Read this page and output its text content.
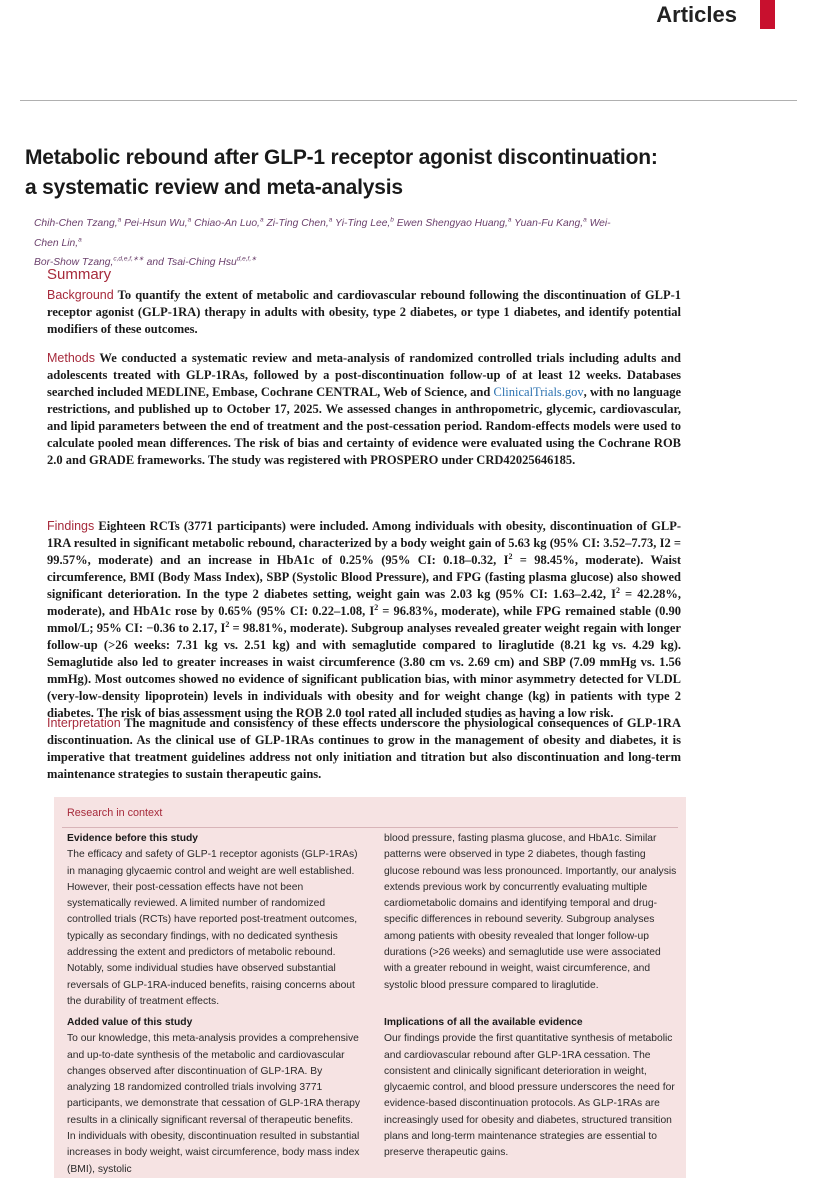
Articles
Metabolic rebound after GLP-1 receptor agonist discontinuation: a systematic review and meta-analysis
Chih-Chen Tzang,$^a$ Pei-Hsun Wu,$^a$ Chiao-An Luo,$^a$ Zi-Ting Chen,$^a$ Yi-Ting Lee,$^b$ Ewen Shengyao Huang,$^a$ Yuan-Fu Kang,$^a$ Wei-Chen Lin,$^a$
Bor-Show Tzang,$^{c,d,e,f,∗∗}$ and Tsai-Ching Hsu$^{d,e,f,∗}$
Summary

Background To quantify the extent of metabolic and cardiovascular rebound following the discontinuation of GLP-1 receptor agonist (GLP-1RA) therapy in adults with obesity, type 2 diabetes, or type 1 diabetes, and identify potential modifiers of these outcomes.

Methods We conducted a systematic review and meta-analysis of randomized controlled trials including adults and adolescents treated with GLP-1RAs, followed by a post-discontinuation follow-up of at least 12 weeks. Databases searched included MEDLINE, Embase, Cochrane CENTRAL, Web of Science, and ClinicalTrials.gov, with no language restrictions, and published up to October 17, 2025. We assessed changes in anthropometric, glycemic, cardiovascular, and lipid parameters between the end of treatment and the post-cessation period. Random-effects models were used to calculate pooled mean differences. The risk of bias and certainty of evidence were evaluated using the Cochrane ROB 2.0 and GRADE frameworks. The study was registered with PROSPERO under CRD42025646185.

Findings Eighteen RCTs (3771 participants) were included. Among individuals with obesity, discontinuation of GLP-1RA resulted in significant metabolic rebound, characterized by a body weight gain of 5.63 kg (95% CI: 3.52–7.73, I2 = 99.57%, moderate) and an increase in HbA1c of 0.25% (95% CI: 0.18–0.32, $I^2 = 98.45\%$, moderate). Waist circumference, BMI (Body Mass Index), SBP (Systolic Blood Pressure), and FPG (fasting plasma glucose) also showed significant deterioration. In the type 2 diabetes setting, weight gain was 2.03 kg (95% CI: 1.63–2.42, $I^2 = 42.28\%$, moderate), and HbA1c rose by 0.65% (95% CI: 0.22–1.08, $I^2 = 96.83\%$, moderate), while FPG remained stable (0.90 mmol/L; 95% CI: −0.36 to 2.17, $I^2 = 98.81\%$, moderate). Subgroup analyses revealed greater weight regain with longer follow-up (>26 weeks: 7.31 kg vs. 2.51 kg) and with semaglutide compared to liraglutide (8.21 kg vs. 4.29 kg). Semaglutide also led to greater increases in waist circumference (3.80 cm vs. 2.69 cm) and SBP (7.09 mmHg vs. 1.56 mmHg). Most outcomes showed no evidence of significant publication bias, with minor asymmetry detected for VLDL (very-low-density lipoprotein) levels in individuals with obesity and for weight change (kg) in patients with type 2 diabetes. The risk of bias assessment using the ROB 2.0 tool rated all included studies as having a low risk.

Interpretation The magnitude and consistency of these effects underscore the physiological consequences of GLP-1RA discontinuation. As the clinical use of GLP-1RAs continues to grow in the management of obesity and diabetes, it is imperative that treatment guidelines address not only initiation and titration but also discontinuation and long-term maintenance strategies to sustain therapeutic gains.

Research in context

Evidence before this study

The efficacy and safety of GLP-1 receptor agonists (GLP-1RAs) in managing glycaemic control and weight are well established. However, their post-cessation effects have not been systematically reviewed. A limited number of randomized controlled trials (RCTs) have reported post-treatment outcomes, typically as secondary findings, with no dedicated synthesis addressing the extent and predictors of metabolic rebound. Notably, some individual studies have observed substantial reversals of GLP-1RA-induced benefits, raising concerns about the durability of treatment effects.

Added value of this study

To our knowledge, this meta-analysis provides a comprehensive and up-to-date synthesis of the metabolic and cardiovascular changes observed after discontinuation of GLP-1RA. By analyzing 18 randomized controlled trials involving 3771 participants, we demonstrate that cessation of GLP-1RA therapy results in a clinically significant reversal of therapeutic benefits. In individuals with obesity, discontinuation resulted in substantial increases in body weight, waist circumference, body mass index (BMI), systolic

blood pressure, fasting plasma glucose, and HbA1c. Similar patterns were observed in type 2 diabetes, though fasting glucose rebound was less pronounced. Importantly, our analysis extends previous work by concurrently evaluating multiple cardiometabolic domains and identifying temporal and drug-specific differences in rebound severity. Subgroup analyses among patients with obesity revealed that longer follow-up durations (>26 weeks) and semaglutide use were associated with a greater rebound in weight, waist circumference, and systolic blood pressure compared to liraglutide.

Implications of all the available evidence

Our findings provide the first quantitative synthesis of metabolic and cardiovascular rebound after GLP-1RA cessation. The consistent and clinically significant deterioration in weight, glycaemic control, and blood pressure underscores the need for evidence-based discontinuation protocols. As GLP-1RAs are increasingly used for obesity and diabetes, structured transition plans and long-term maintenance strategies are essential to preserve therapeutic gains.
